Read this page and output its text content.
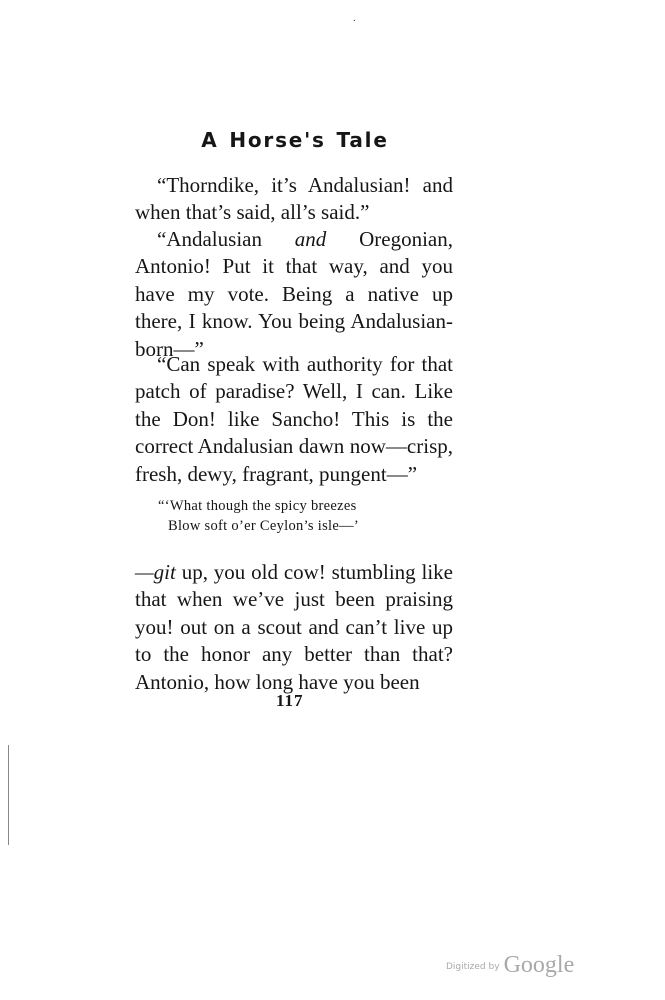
.
A Horse's Tale

“Thorndike, it’s Andalusian! and when that’s said, all’s said.”

“Andalusian and Oregonian, Antonio! Put it that way, and you have my vote. Being a native up there, I know. You being Andalusian-born—”

“Can speak with authority for that patch of paradise? Well, I can. Like the Don! like Sancho! This is the correct Andalusian dawn now—crisp, fresh, dewy, fragrant, pungent—”

“‘What though the spicy breezes
Blow soft o’er Ceylon’s isle—’

—git up, you old cow! stumbling like that when we’ve just been praising you! out on a scout and can’t live up to the honor any better than that? Antonio, how long have you been

117
Digitized by Google
